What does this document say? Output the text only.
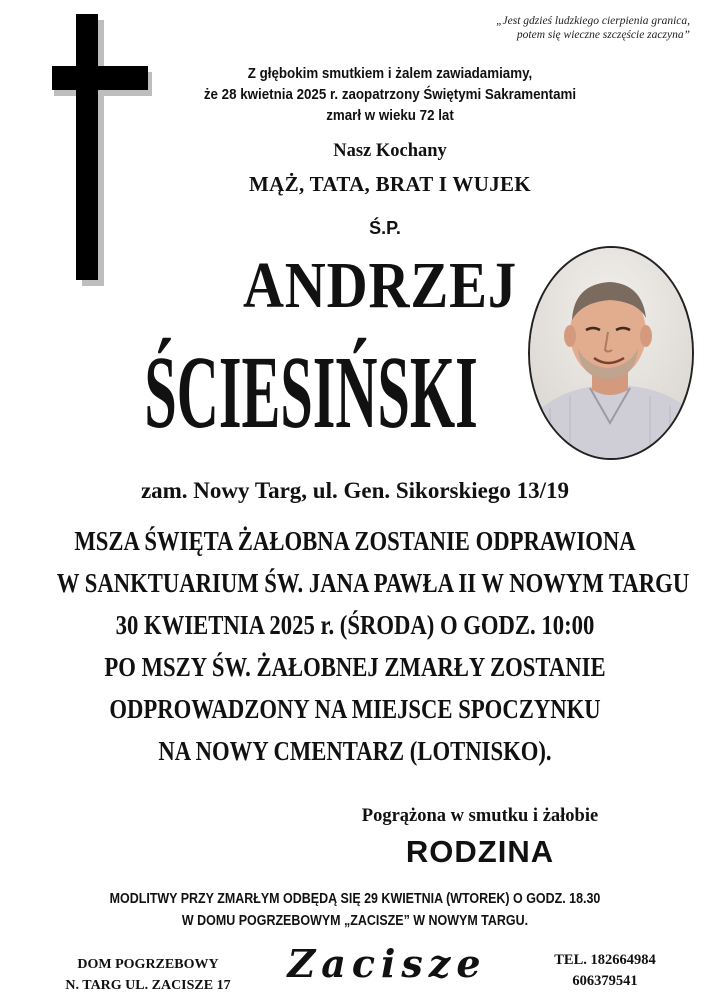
„Jest gdzieś ludzkiego cierpienia granica,
potem się wieczne szczęście zaczyna”
Z głębokim smutkiem i żalem zawiadamiamy,
że 28 kwietnia 2025 r. zaopatrzony Świętymi Sakramentami
zmarł w wieku 72 lat
Nasz Kochany
MĄŻ, TATA, BRAT I WUJEK
Ś.P.
ANDRZEJ
ŚCIESIŃSKI
zam. Nowy Targ, ul. Gen. Sikorskiego 13/19
MSZA ŚWIĘTA ŻAŁOBNA ZOSTANIE ODPRAWIONA
W SANKTUARIUM ŚW. JANA PAWŁA II W NOWYM TARGU
30 KWIETNIA 2025 r. (ŚRODA) O GODZ. 10:00
PO MSZY ŚW. ŻAŁOBNEJ ZMARŁY ZOSTANIE
ODPROWADZONY NA MIEJSCE SPOCZYNKU
NA NOWY CMENTARZ (LOTNISKO).
Pogrążona w smutku i żałobie
RODZINA
MODLITWY PRZY ZMARŁYM ODBĘDĄ SIĘ 29 KWIETNIA (WTOREK) O GODZ. 18.30
W DOMU POGRZEBOWYM „ZACISZE” W NOWYM TARGU.
DOM POGRZEBOWY
N. TARG UL. ZACISZE 17	Zacisze	TEL. 182664984
606379541
